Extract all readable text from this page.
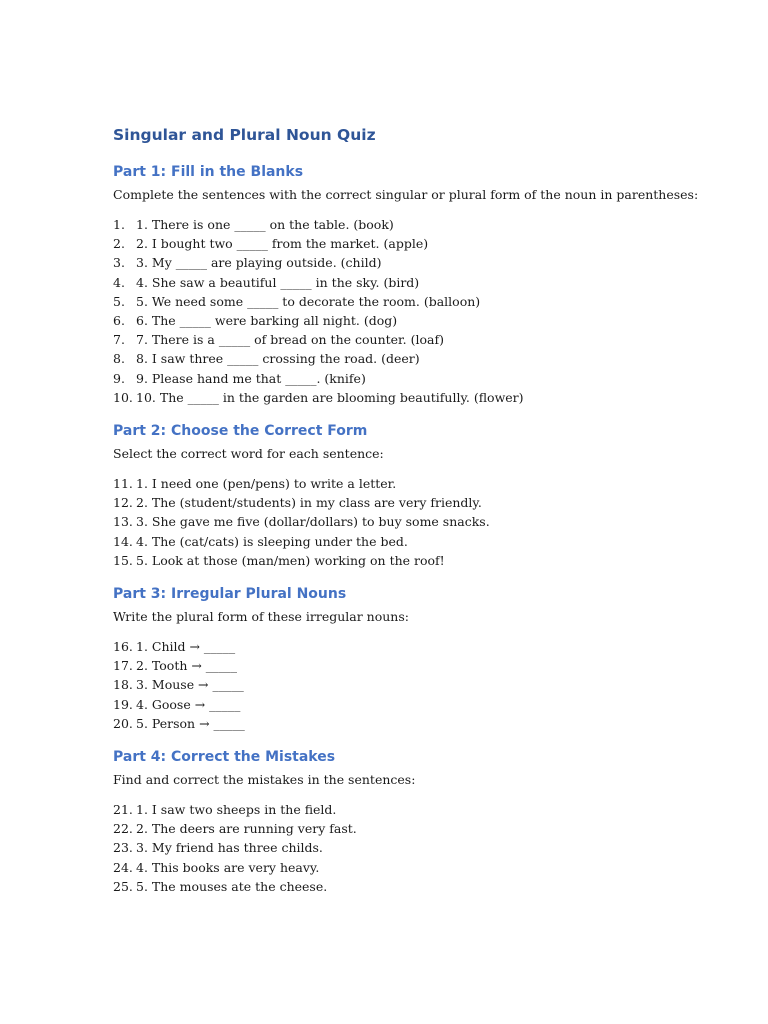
Singular and Plural Noun Quiz
Part 1: Fill in the Blanks

Complete the sentences with the correct singular or plural form of the noun in parentheses:

1. 1. There is one _____ on the table. (book)
2. 2. I bought two _____ from the market. (apple)
3. 3. My _____ are playing outside. (child)
4. 4. She saw a beautiful _____ in the sky. (bird)
5. 5. We need some _____ to decorate the room. (balloon)
6. 6. The _____ were barking all night. (dog)
7. 7. There is a _____ of bread on the counter. (loaf)
8. 8. I saw three _____ crossing the road. (deer)
9. 9. Please hand me that _____. (knife)
10. 10. The _____ in the garden are blooming beautifully. (flower)
Part 2: Choose the Correct Form

Select the correct word for each sentence:

11. 1. I need one (pen/pens) to write a letter.
12. 2. The (student/students) in my class are very friendly.
13. 3. She gave me five (dollar/dollars) to buy some snacks.
14. 4. The (cat/cats) is sleeping under the bed.
15. 5. Look at those (man/men) working on the roof!
Part 3: Irregular Plural Nouns

Write the plural form of these irregular nouns:

16. 1. Child → _____
17. 2. Tooth → _____
18. 3. Mouse → _____
19. 4. Goose → _____
20. 5. Person → _____
Part 4: Correct the Mistakes

Find and correct the mistakes in the sentences:

21. 1. I saw two sheeps in the field.
22. 2. The deers are running very fast.
23. 3. My friend has three childs.
24. 4. This books are very heavy.
25. 5. The mouses ate the cheese.
